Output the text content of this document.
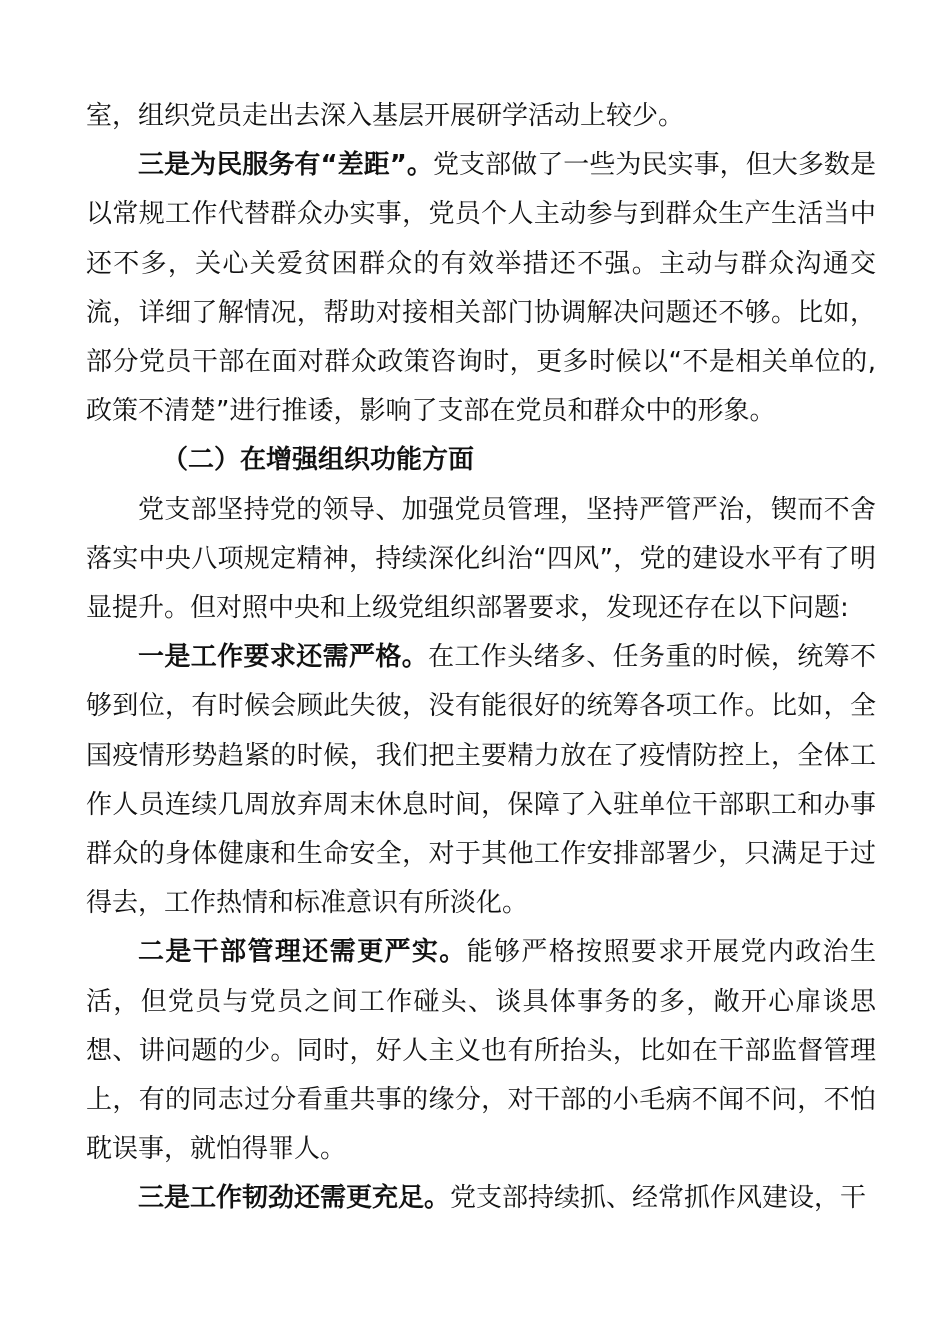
室，组织党员走出去深入基层开展研学活动上较少。

三是为民服务有“差距”。党支部做了一些为民实事，但大多数是以常规工作代替群众办实事，党员个人主动参与到群众生产生活当中还不多，关心关爱贫困群众的有效举措还不强。主动与群众沟通交流，详细了解情况，帮助对接相关部门协调解决问题还不够。比如，部分党员干部在面对群众政策咨询时，更多时候以“不是相关单位的,政策不清楚”进行推诿，影响了支部在党员和群众中的形象。

（二）在增强组织功能方面

党支部坚持党的领导、加强党员管理，坚持严管严治，锲而不舍落实中央八项规定精神，持续深化纠治“四风”，党的建设水平有了明显提升。但对照中央和上级党组织部署要求，发现还存在以下问题:

一是工作要求还需严格。在工作头绪多、任务重的时候，统筹不够到位，有时候会顾此失彼，没有能很好的统筹各项工作。比如，全国疫情形势趋紧的时候，我们把主要精力放在了疫情防控上，全体工作人员连续几周放弃周末休息时间，保障了入驻单位干部职工和办事群众的身体健康和生命安全，对于其他工作安排部署少，只满足于过得去，工作热情和标准意识有所淡化。

二是干部管理还需更严实。能够严格按照要求开展党内政治生活，但党员与党员之间工作碰头、谈具体事务的多，敞开心扉谈思想、讲问题的少。同时，好人主义也有所抬头，比如在干部监督管理上，有的同志过分看重共事的缘分，对干部的小毛病不闻不问，不怕耽误事，就怕得罪人。

三是工作韧劲还需更充足。党支部持续抓、经常抓作风建设，干
